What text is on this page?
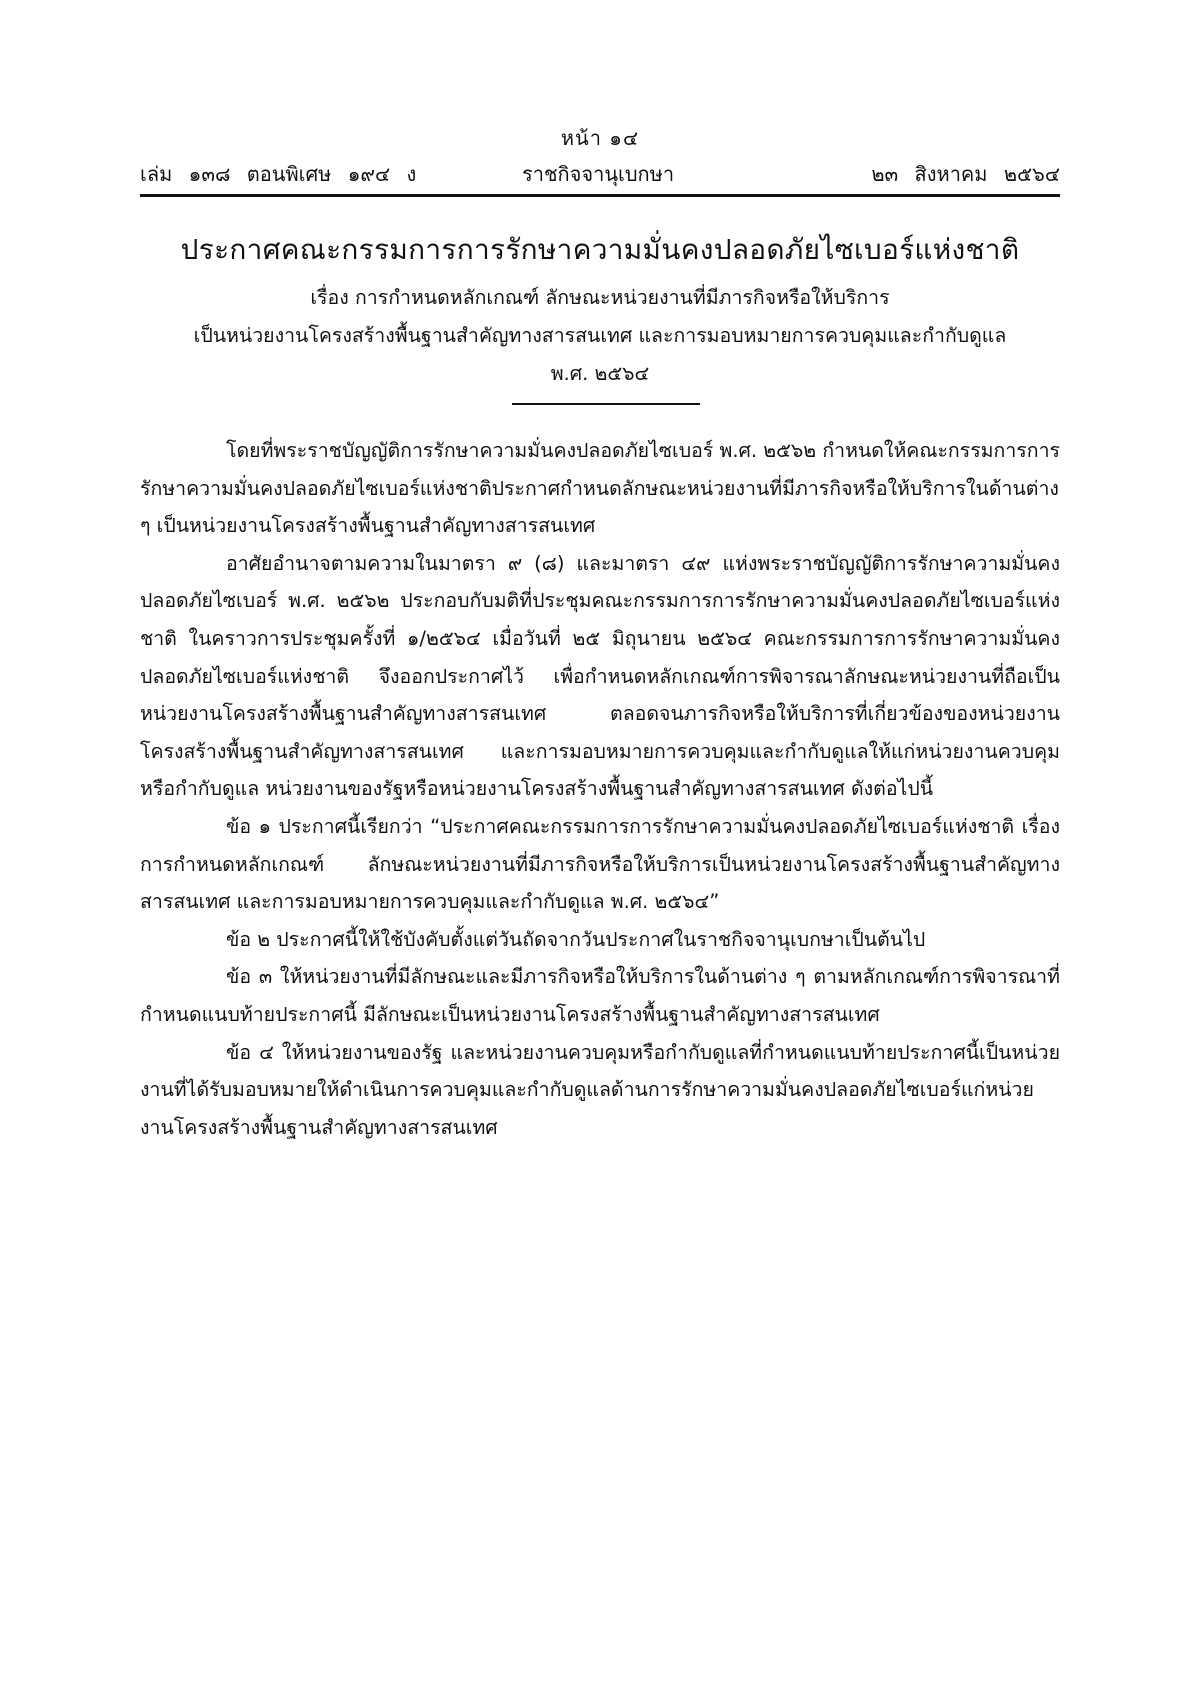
หน้า ๑๔
เล่ม ๑๓๘ ตอนพิเศษ ๑๙๔ ง	ราชกิจจานุเบกษา	๒๓ สิงหาคม ๒๕๖๔
ประกาศคณะกรรมการการรักษาความมั่นคงปลอดภัยไซเบอร์แห่งชาติ
เรื่อง การกำหนดหลักเกณฑ์ ลักษณะหน่วยงานที่มีภารกิจหรือให้บริการ
เป็นหน่วยงานโครงสร้างพื้นฐานสำคัญทางสารสนเทศ และการมอบหมายการควบคุมและกำกับดูแล
พ.ศ. ๒๕๖๔

โดยที่พระราชบัญญัติการรักษาความมั่นคงปลอดภัยไซเบอร์ พ.ศ. ๒๕๖๒ กำหนดให้คณะกรรมการการรักษาความมั่นคงปลอดภัยไซเบอร์แห่งชาติประกาศกำหนดลักษณะหน่วยงานที่มีภารกิจหรือให้บริการในด้านต่าง ๆ เป็นหน่วยงานโครงสร้างพื้นฐานสำคัญทางสารสนเทศ

อาศัยอำนาจตามความในมาตรา ๙ (๘) และมาตรา ๔๙ แห่งพระราชบัญญัติการรักษาความมั่นคงปลอดภัยไซเบอร์ พ.ศ. ๒๕๖๒ ประกอบกับมติที่ประชุมคณะกรรมการการรักษาความมั่นคงปลอดภัยไซเบอร์แห่งชาติ ในคราวการประชุมครั้งที่ ๑/๒๕๖๔ เมื่อวันที่ ๒๕ มิถุนายน ๒๕๖๔ คณะกรรมการการรักษาความมั่นคงปลอดภัยไซเบอร์แห่งชาติ จึงออกประกาศไว้ เพื่อกำหนดหลักเกณฑ์การพิจารณาลักษณะหน่วยงานที่ถือเป็นหน่วยงานโครงสร้างพื้นฐานสำคัญทางสารสนเทศ ตลอดจนภารกิจหรือให้บริการที่เกี่ยวข้องของหน่วยงานโครงสร้างพื้นฐานสำคัญทางสารสนเทศ และการมอบหมายการควบคุมและกำกับดูแลให้แก่หน่วยงานควบคุมหรือกำกับดูแล หน่วยงานของรัฐหรือหน่วยงานโครงสร้างพื้นฐานสำคัญทางสารสนเทศ ดังต่อไปนี้

ข้อ ๑ ประกาศนี้เรียกว่า “ประกาศคณะกรรมการการรักษาความมั่นคงปลอดภัยไซเบอร์แห่งชาติ เรื่อง การกำหนดหลักเกณฑ์ ลักษณะหน่วยงานที่มีภารกิจหรือให้บริการเป็นหน่วยงานโครงสร้างพื้นฐานสำคัญทางสารสนเทศ และการมอบหมายการควบคุมและกำกับดูแล พ.ศ. ๒๕๖๔”

ข้อ ๒ ประกาศนี้ให้ใช้บังคับตั้งแต่วันถัดจากวันประกาศในราชกิจจานุเบกษาเป็นต้นไป

ข้อ ๓ ให้หน่วยงานที่มีลักษณะและมีภารกิจหรือให้บริการในด้านต่าง ๆ ตามหลักเกณฑ์การพิจารณาที่กำหนดแนบท้ายประกาศนี้ มีลักษณะเป็นหน่วยงานโครงสร้างพื้นฐานสำคัญทางสารสนเทศ

ข้อ ๔ ให้หน่วยงานของรัฐ และหน่วยงานควบคุมหรือกำกับดูแลที่กำหนดแนบท้ายประกาศนี้เป็นหน่วยงานที่ได้รับมอบหมายให้ดำเนินการควบคุมและกำกับดูแลด้านการรักษาความมั่นคงปลอดภัยไซเบอร์แก่หน่วยงานโครงสร้างพื้นฐานสำคัญทางสารสนเทศ
